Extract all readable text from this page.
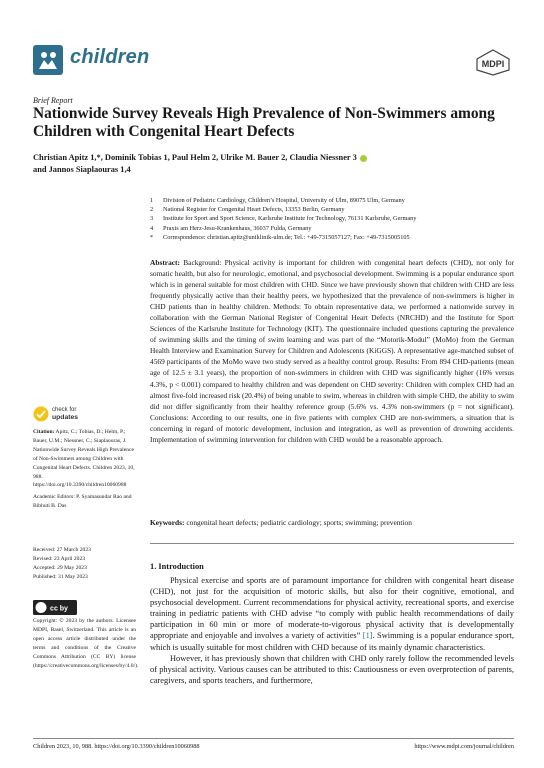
children	MDPI
Brief Report
Nationwide Survey Reveals High Prevalence of Non-Swimmers among Children with Congenital Heart Defects

Christian Apitz 1,*, Dominik Tobias 1, Paul Helm 2, Ulrike M. Bauer 2, Claudia Niessner 3
and Jannos Siaplaouras 1,4

1	Division of Pediatric Cardiology, Children’s Hospital, University of Ulm, 89075 Ulm, Germany
2	National Register for Congenital Heart Defects, 13353 Berlin, Germany
3	Institute for Sport and Sport Science, Karlsruhe Institute for Technology, 76131 Karlsruhe, Germany
4	Praxis am Herz-Jesu-Krankenhaus, 36037 Fulda, Germany
*	Correspondence: christian.apitz@uniklinik-ulm.de; Tel.: +49-7315057127; Fax: +49-7315005105

Abstract: Background: Physical activity is important for children with congenital heart defects (CHD), not only for somatic health, but also for neurologic, emotional, and psychosocial development. Swimming is a popular endurance sport which is in general suitable for most children with CHD. Since we have previously shown that children with CHD are less frequently physically active than their healthy peers, we hypothesized that the prevalence of non-swimmers is higher in CHD patients than in healthy children. Methods: To obtain representative data, we performed a nationwide survey in collaboration with the German National Register of Congenital Heart Defects (NRCHD) and the Institute for Sport Sciences of the Karlsruhe Institute for Technology (KIT). The questionnaire included questions capturing the prevalence of swimming skills and the timing of swim learning and was part of the “Motorik-Modul” (MoMo) from the German Health Interview and Examination Survey for Children and Adolescents (KiGGS). A representative age-matched subset of 4569 participants of the MoMo wave two study served as a healthy control group. Results: From 894 CHD-patients (mean age of 12.5 ± 3.1 years), the proportion of non-swimmers in children with CHD was significantly higher (16% versus 4.3%, p < 0.001) compared to healthy children and was dependent on CHD severity: Children with complex CHD had an almost five-fold increased risk (20.4%) of being unable to swim, whereas in children with simple CHD, the ability to swim did not differ significantly from their healthy reference group (5.6% vs. 4.3% non-swimmers (p = not significant). Conclusions: According to our results, one in five patients with complex CHD are non-swimmers, a situation that is concerning in regard of motoric development, inclusion and integration, as well as prevention of drowning accidents. Implementation of swimming intervention for children with CHD would be a reasonable approach.

Keywords: congenital heart defects; pediatric cardiology; sports; swimming; prevention

check for
updates

Citation: Apitz, C.; Tobias, D.; Helm, P.; Bauer, U.M.; Niessner, C.; Siaplaouras, J. Nationwide Survey Reveals High Prevalence of Non-Swimmers among Children with Congenital Heart Defects. Children 2023, 10, 988. https://doi.org/10.3390/children10060988

Academic Editors: P. Syamasundar Rao and Bibhuti B. Das

Received: 27 March 2023
Revised: 23 April 2023
Accepted: 29 May 2023
Published: 31 May 2023
cc by

Copyright: © 2023 by the authors. Licensee MDPI, Basel, Switzerland. This article is an open access article distributed under the terms and conditions of the Creative Commons Attribution (CC BY) license (https://creativecommons.org/licenses/by/4.0/).

1. Introduction

Physical exercise and sports are of paramount importance for children with congenital heart disease (CHD), not just for the acquisition of motoric skills, but also for their cognitive, emotional, and psychosocial development. Current recommendations for physical activity, recreational sports, and exercise training in pediatric patients with CHD advise “to comply with public health recommendations of daily participation in 60 min or more of moderate-to-vigorous physical activity that is developmentally appropriate and enjoyable and involves a variety of activities” [1]. Swimming is a popular endurance sport, which is usually suitable for most children with CHD because of its mainly dynamic characteristics.
However, it has previously shown that children with CHD only rarely follow the recommended levels of physical activity. Various causes can be attributed to this: Cautiousness or even overprotection of parents, caregivers, and sports teachers, and furthermore,

Children 2023, 10, 988. https://doi.org/10.3390/children10060988	https://www.mdpi.com/journal/children
